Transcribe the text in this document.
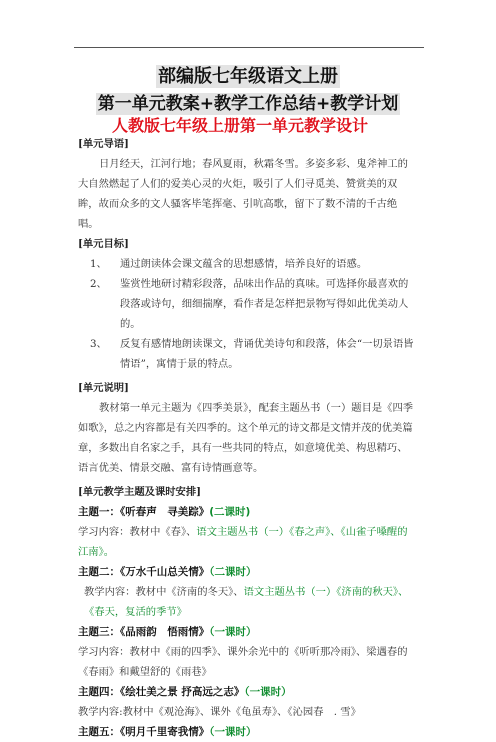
部编版七年级语文上册
第一单元教案+教学工作总结+教学计划
人教版七年级上册第一单元教学设计
[单元导语]
日月经天，江河行地；春风夏雨，秋霜冬雪。多姿多彩、鬼斧神工的大自然燃起了人们的爱美心灵的火炬，吸引了人们寻觅美、赞赏美的双眸，故而众多的文人骚客毕笔挥毫、引吭高歌，留下了数不清的千古绝唱。
[单元目标]
1、 通过朗读体会课文蕴含的思想感情，培养良好的语感。
2、 鉴赏性地研讨精彩段落，品味出作品的真味。可选择你最喜欢的段落或诗句，细细揣摩，看作者是怎样把景物写得如此优美动人的。
3、 反复有感情地朗读课文，背诵优美诗句和段落，体会“一切景语皆情语”，寓情于景的特点。
[单元说明]
教材第一单元主题为《四季美景》，配套主题丛书（一）题目是《四季如歌》，总之内容都是有关四季的。这个单元的诗文都是文情并茂的优美篇章，多数出自名家之手，具有一些共同的特点，如意境优美、构思精巧、语言优美、情景交融、富有诗情画意等。
[单元教学主题及课时安排]
主题一：《听春声　寻美踪》(二课时)
学习内容：教材中《春》、语文主题丛书（一）《春之声》、《山雀子嗓醒的江南》。
主题二：《万水千山总关情》（二课时）
教学内容：教材中《济南的冬天》、语文主题丛书（一）《济南的秋天》、《春天，复活的季节》
主题三：《品雨韵　悟雨情》（一课时）
学习内容：教材中《雨的四季》、课外余光中的《听听那冷雨》、梁遇春的《春雨》和戴望舒的《雨巷》
主题四：《绘壮美之景 抒高远之志》（一课时）
教学内容:教材中《观沧海》、课外《龟虽寿》、《沁园春　. 雪》
主题五：《明月千里寄我情》（一课时）
